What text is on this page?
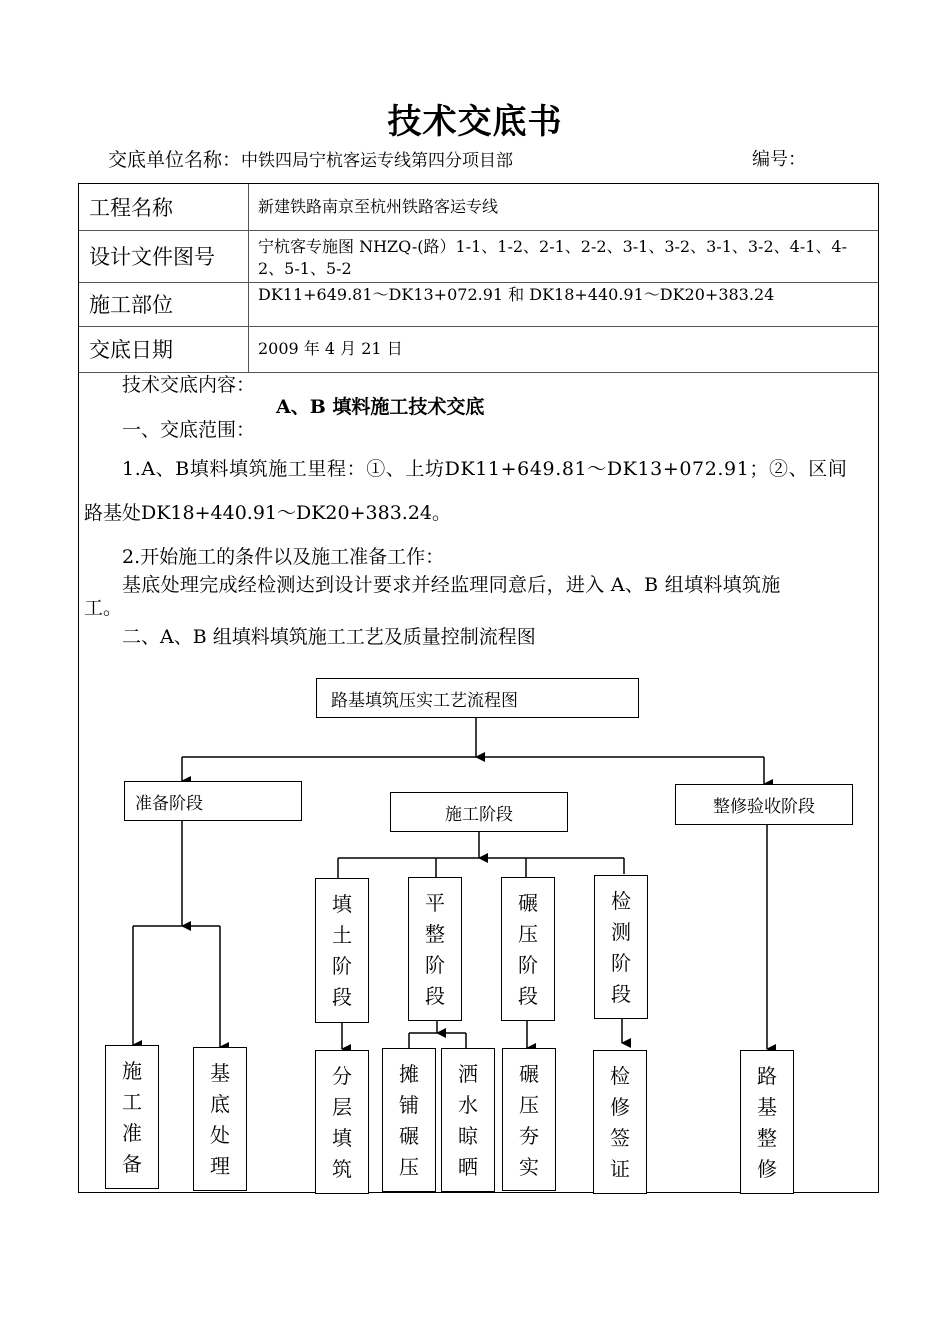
技术交底书
交底单位名称：中铁四局宁杭客运专线第四分项目部	编号：
工程名称	新建铁路南京至杭州铁路客运专线
设计文件图号	宁杭客专施图 NHZQ-(路）1-1、1-2、2-1、2-2、3-1、3-2、3-1、3-2、4-1、4-2、5-1、5-2
施工部位	DK11+649.81～DK13+072.91 和 DK18+440.91～DK20+383.24
交底日期	2009 年 4 月 21 日
技术交底内容：
A、B 填料施工技术交底
一、交底范围：
1.A、B填料填筑施工里程：①、上坊DK11+649.81～DK13+072.91；②、区间
路基处DK18+440.91～DK20+383.24。
2.开始施工的条件以及施工准备工作：
基底处理完成经检测达到设计要求并经监理同意后，进入 A、B 组填料填筑施
工。
二、A、B 组填料填筑施工工艺及质量控制流程图
路基填筑压实工艺流程图
准备阶段
施工阶段	整修验收阶段
填
土
阶
段
平
整
阶
段
碾
压
阶
段
检
测
阶
段
施
工
准
备
基
底
处
理
分
层
填
筑
摊
铺
碾
压
洒
水
晾
晒
碾
压
夯
实
检
修
签
证
路
基
整
修
